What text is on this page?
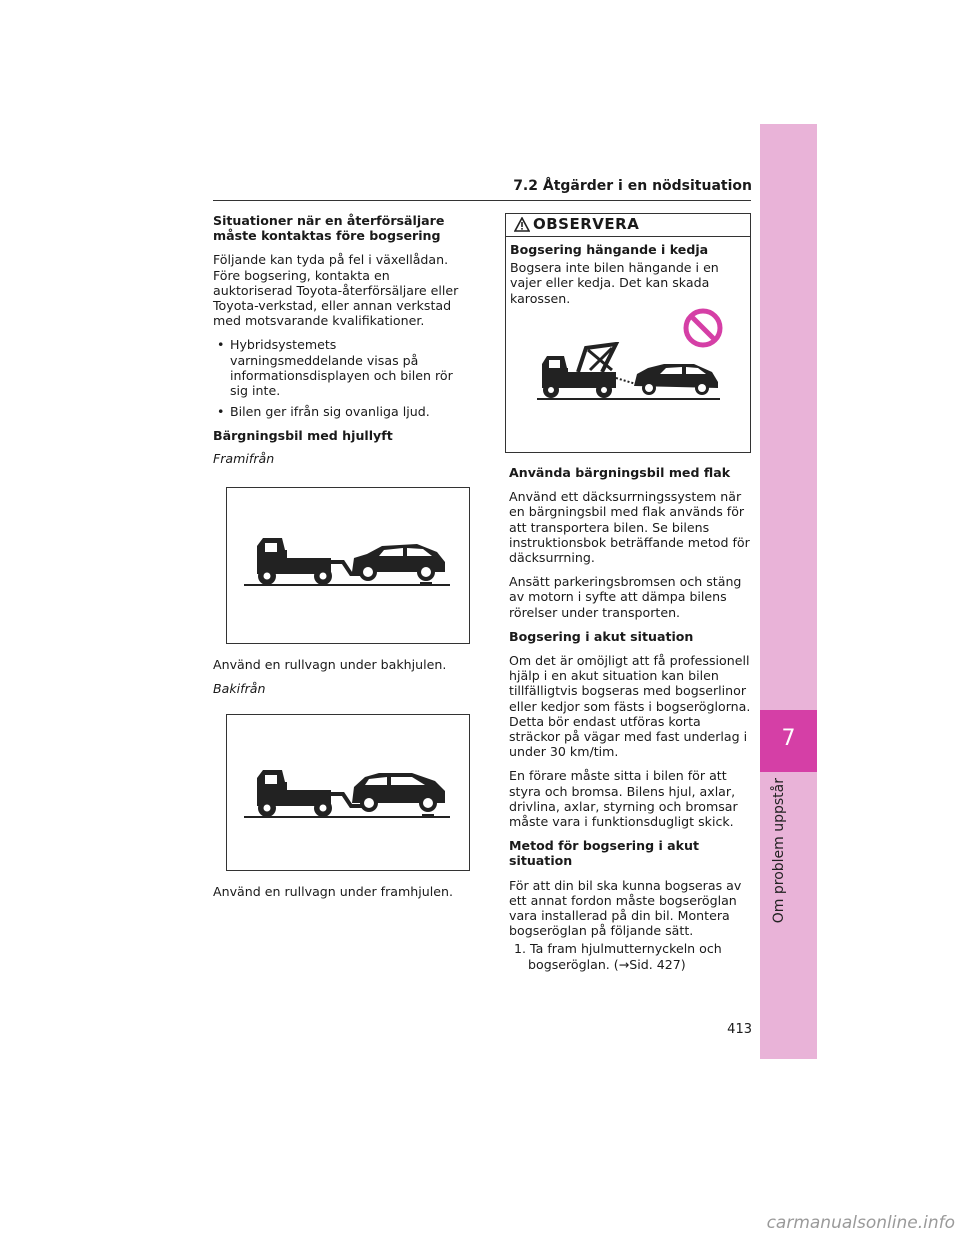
7
Om problem uppstår
7.2 Åtgärder i en nödsituation

Situationer när en återförsäljare måste kontaktas före bogsering

Följande kan tyda på fel i växellådan. Före bogsering, kontakta en auktoriserad Toyota-återförsäljare eller Toyota-verkstad, eller annan verkstad med motsvarande kvalifikationer.

• Hybridsystemets varningsmeddelande visas på informationsdisplayen och bilen rör sig inte.

• Bilen ger ifrån sig ovanliga ljud.

Bärgningsbil med hjullyft

Framifrån

Använd en rullvagn under bakhjulen.

Bakifrån

Använd en rullvagn under framhjulen.

OBSERVERA

Bogsering hängande i kedja

Bogsera inte bilen hängande i en vajer eller kedja. Det kan skada karossen.

Använda bärgningsbil med flak

Använd ett däcksurrningssystem när en bärgningsbil med flak används för att transportera bilen. Se bilens instruktionsbok beträffande metod för däcksurrning.

Ansätt parkeringsbromsen och stäng av motorn i syfte att dämpa bilens rörelser under transporten.

Bogsering i akut situation

Om det är omöjligt att få professionell hjälp i en akut situation kan bilen tillfälligtvis bogseras med bogserlinor eller kedjor som fästs i bogseröglorna. Detta bör endast utföras korta sträckor på vägar med fast underlag i under 30 km/tim.

En förare måste sitta i bilen för att styra och bromsa. Bilens hjul, axlar, drivlina, axlar, styrning och bromsar måste vara i funktionsdugligt skick.

Metod för bogsering i akut situation

För att din bil ska kunna bogseras av ett annat fordon måste bogseröglan vara installerad på din bil. Montera bogseröglan på följande sätt.

1. Ta fram hjulmutternyckeln och bogseröglan. (→Sid. 427)

413
carmanualsonline.info
